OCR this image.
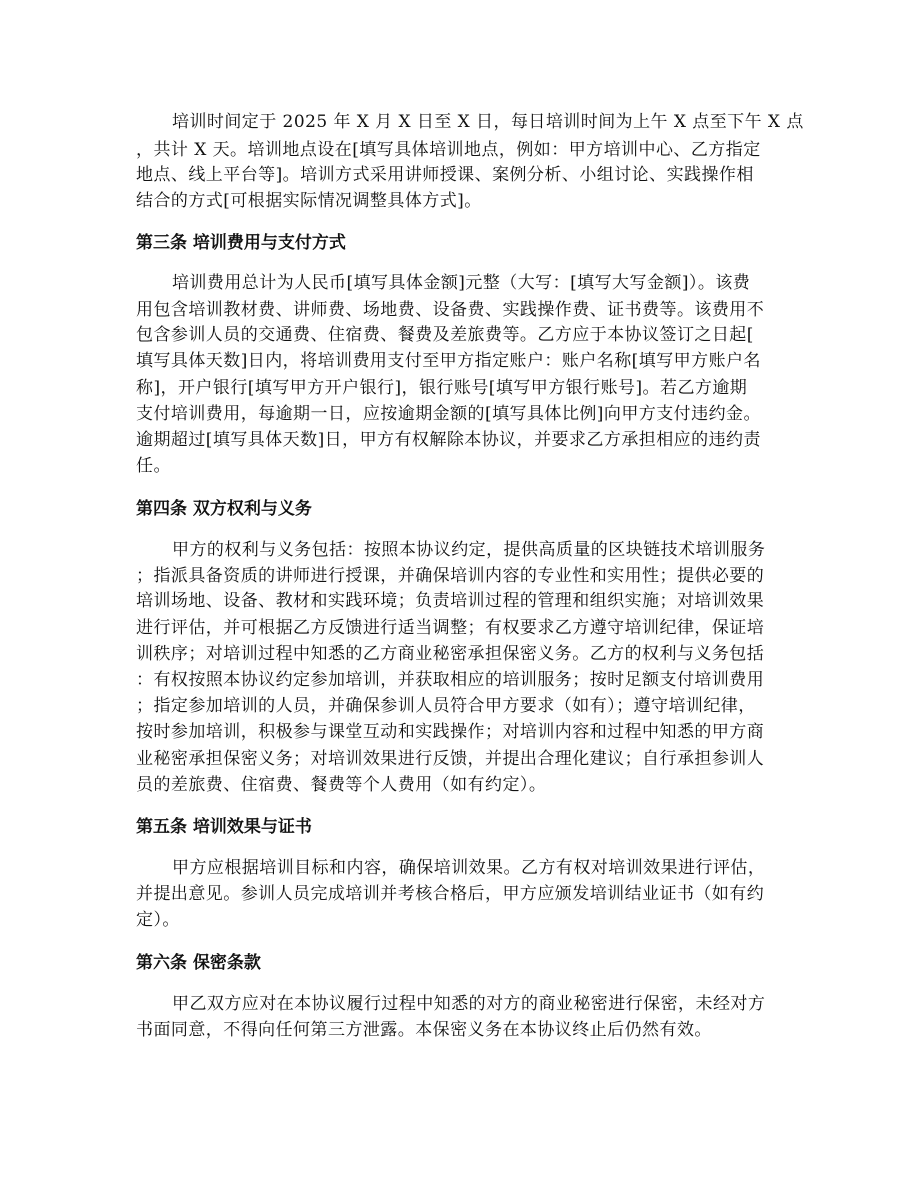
培训时间定于 2025 年 X 月 X 日至 X 日，每日培训时间为上午 X 点至下午 X 点
，共计 X 天。培训地点设在[填写具体培训地点，例如：甲方培训中心、乙方指定
地点、线上平台等]。培训方式采用讲师授课、案例分析、小组讨论、实践操作相
结合的方式[可根据实际情况调整具体方式]。
第三条 培训费用与支付方式
培训费用总计为人民币[填写具体金额]元整（大写：[填写大写金额]）。该费
用包含培训教材费、讲师费、场地费、设备费、实践操作费、证书费等。该费用不
包含参训人员的交通费、住宿费、餐费及差旅费等。乙方应于本协议签订之日起[
填写具体天数]日内，将培训费用支付至甲方指定账户：账户名称[填写甲方账户名
称]，开户银行[填写甲方开户银行]，银行账号[填写甲方银行账号]。若乙方逾期
支付培训费用，每逾期一日，应按逾期金额的[填写具体比例]向甲方支付违约金。
逾期超过[填写具体天数]日，甲方有权解除本协议，并要求乙方承担相应的违约责
任。
第四条 双方权利与义务
甲方的权利与义务包括：按照本协议约定，提供高质量的区块链技术培训服务
；指派具备资质的讲师进行授课，并确保培训内容的专业性和实用性；提供必要的
培训场地、设备、教材和实践环境；负责培训过程的管理和组织实施；对培训效果
进行评估，并可根据乙方反馈进行适当调整；有权要求乙方遵守培训纪律，保证培
训秩序；对培训过程中知悉的乙方商业秘密承担保密义务。乙方的权利与义务包括
：有权按照本协议约定参加培训，并获取相应的培训服务；按时足额支付培训费用
；指定参加培训的人员，并确保参训人员符合甲方要求（如有）；遵守培训纪律，
按时参加培训，积极参与课堂互动和实践操作；对培训内容和过程中知悉的甲方商
业秘密承担保密义务；对培训效果进行反馈，并提出合理化建议；自行承担参训人
员的差旅费、住宿费、餐费等个人费用（如有约定）。
第五条 培训效果与证书
甲方应根据培训目标和内容，确保培训效果。乙方有权对培训效果进行评估，
并提出意见。参训人员完成培训并考核合格后，甲方应颁发培训结业证书（如有约
定）。
第六条 保密条款
甲乙双方应对在本协议履行过程中知悉的对方的商业秘密进行保密，未经对方
书面同意，不得向任何第三方泄露。本保密义务在本协议终止后仍然有效。
